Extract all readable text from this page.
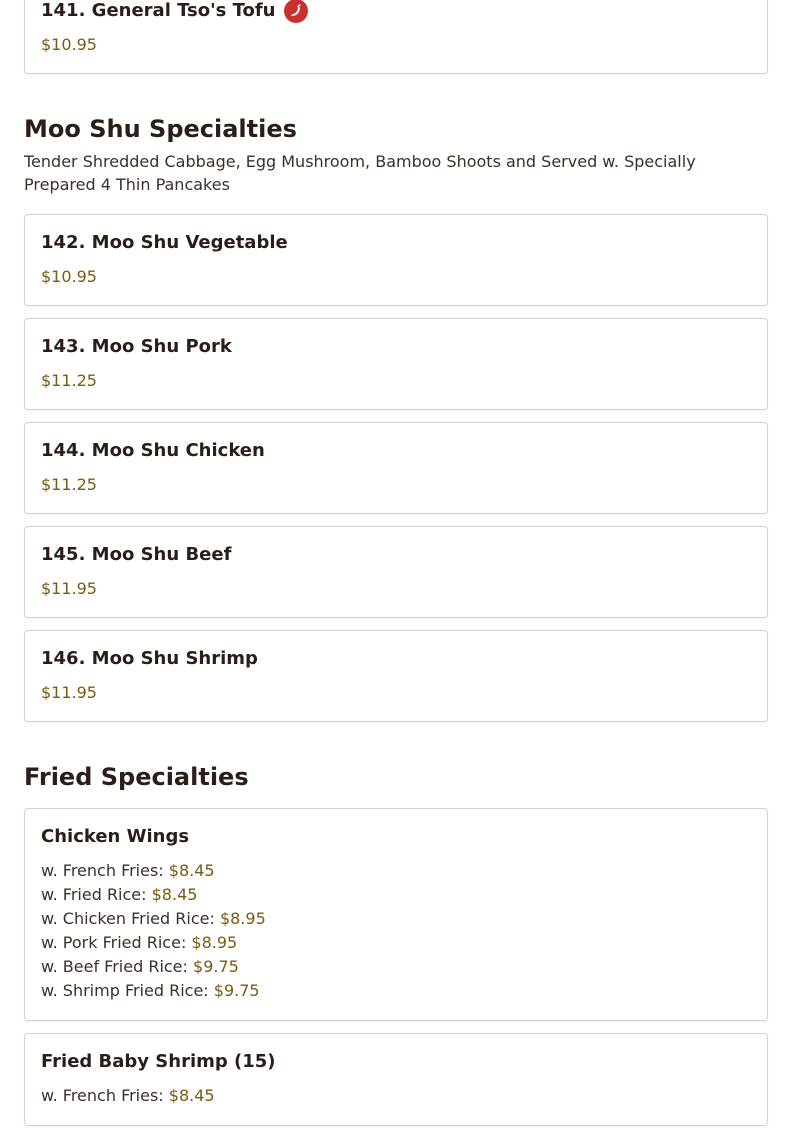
141. General Tso's Tofu
$10.95
Moo Shu Specialties
Tender Shredded Cabbage, Egg Mushroom, Bamboo Shoots and Served w. Specially Prepared 4 Thin Pancakes
142. Moo Shu Vegetable
$10.95
143. Moo Shu Pork
$11.25
144. Moo Shu Chicken
$11.25
145. Moo Shu Beef
$11.95
146. Moo Shu Shrimp
$11.95
Fried Specialties
Chicken Wings
w. French Fries: $8.45
w. Fried Rice: $8.45
w. Chicken Fried Rice: $8.95
w. Pork Fried Rice: $8.95
w. Beef Fried Rice: $9.75
w. Shrimp Fried Rice: $9.75
Fried Baby Shrimp (15)
w. French Fries: $8.45
